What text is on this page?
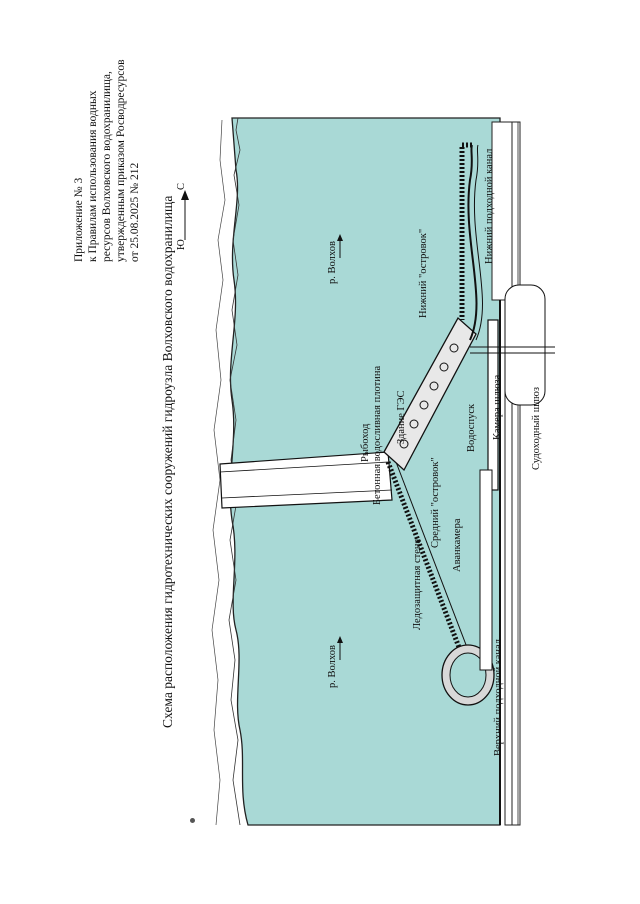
Приложение № 3 к Правилам использования водных ресурсов Волховского водохранилища, утвержденным приказом Росводресурсов от 25.08.2025 № 212 Схема расположения гидротехнических сооружений гидроузла Волховского водохранилища Ю
С
р. Волхов
р. Волхов
Бетонная водосливная плотина
Рыбоход Здание ГЭС
Нижний "островок"
Средний "островок"
Ледозащитная стена	Аванкамера
Водоспуск Камера шлюза	Судоходный шлюз
Нижний подходной канал
Верхний подходной канал
